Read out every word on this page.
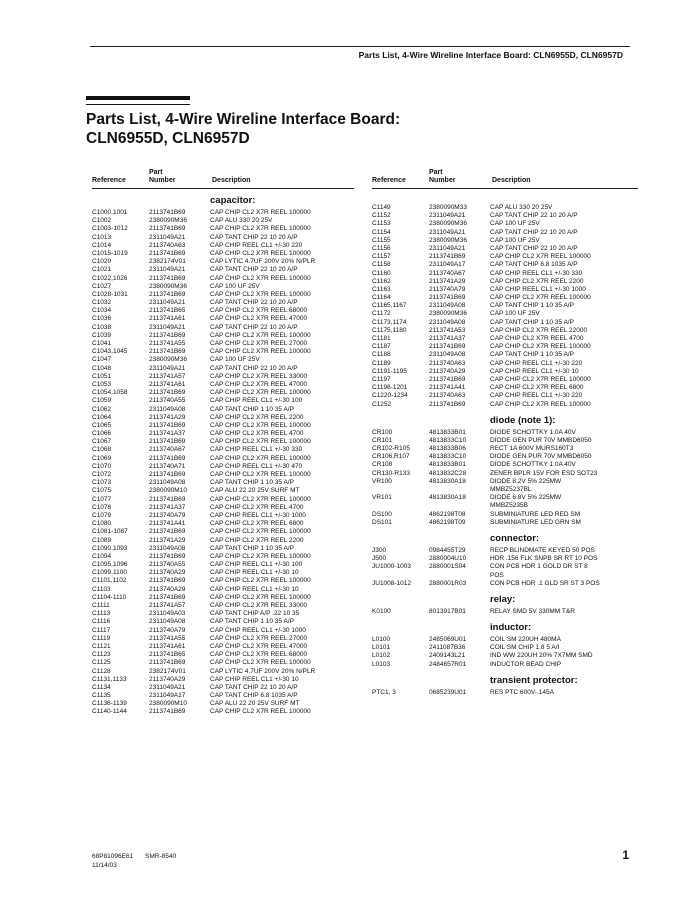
Parts List, 4-Wire Wireline Interface Board: CLN6955D, CLN6957D
Parts List, 4-Wire Wireline Interface Board:
CLN6955D, CLN6957D
Reference
Part
Number	Description
capacitor:
C1000,1001	2113741B69	CAP CHIP CL2 X7R REEL 100000
C1002	2380090M36	CAP ALU 330 20 25V
C1003-1012	2113741B69	CAP CHIP CL2 X7R REEL 100000
C1013	2311049A21	CAP TANT CHIP 22 10 20 A/P
C1014	2113740A63	CAP CHIP REEL CL1 +/-30 220
C1015-1019	2113741B69	CAP CHIP CL2 X7R REEL 100000
C1020	2382174V01	CAP LYTIC 4.7UF 200V 20% N/PLR
C1021	2311049A21	CAP TANT CHIP 22 10 20 A/P
C1022,1026	2113741B69	CAP CHIP CL2 X7R REEL 100000
C1027	2380090M36	CAP 100 UF 25V
C1028-1031	2113741B69	CAP CHIP CL2 X7R REEL 100000
C1032	2311049A21	CAP TANT CHIP 22 10 20 A/P
C1034	2113741B65	CAP CHIP CL2 X7R REEL 68000
C1036	2113741A61	CAP CHIP CL2 X7R REEL 47000
C1038	2311049A21	CAP TANT CHIP 22 10 20 A/P
C1039	2113741B69	CAP CHIP CL2 X7R REEL 100000
C1041	2113741A55	CAP CHIP CL2 X7R REEL 27000
C1043,1045	2113741B69	CAP CHIP CL2 X7R REEL 100000
C1047	2380090M36	CAP 100 UF 25V
C1048	2311049A21	CAP TANT CHIP 22 10 20 A/P
C1051	2113741A57	CAP CHIP CL2 X7R REEL 33000
C1053	2113741A61	CAP CHIP CL2 X7R REEL 47000
C1054,1058	2113741B69	CAP CHIP CL2 X7R REEL 100000
C1059	2113740A55	CAP CHIP REEL CL1 +/-30 100
C1062	2311049A08	CAP TANT CHIP 1 10 35 A/P
C1064	2113741A29	CAP CHIP CL2 X7R REEL 2200
C1065	2113741B69	CAP CHIP CL2 X7R REEL 100000
C1066	2113741A37	CAP CHIP CL2 X7R REEL 4700
C1067	2113741B69	CAP CHIP CL2 X7R REEL 100000
C1068	2113740A67	CAP CHIP REEL CL1 +/-30 330
C1069	2113741B69	CAP CHIP CL2 X7R REEL 100000
C1070	2113740A71	CAP CHIP REEL CL1 +/-30 470
C1072	2113741B69	CAP CHIP CL2 X7R REEL 100000
C1073	2311049A08	CAP TANT CHIP 1 10 35 A/P
C1075	2380090M10	CAP ALU 22 20 25V SURF MT
C1077	2113741B69	CAP CHIP CL2 X7R REEL 100000
C1078	2113741A37	CAP CHIP CL2 X7R REEL 4700
C1079	2113740A79	CAP CHIP REEL CL1 +/-30 1000
C1080	2113741A41	CAP CHIP CL2 X7R REEL 6800
C1081-1087	2113741B69	CAP CHIP CL2 X7R REEL 100000
C1089	2113741A29	CAP CHIP CL2 X7R REEL 2200
C1090,1093	2311049A08	CAP TANT CHIP 1 10 35 A/P
C1094	2113741B69	CAP CHIP CL2 X7R REEL 100000
C1095,1096	2113740A55	CAP CHIP REEL CL1 +/-30 100
C1099,1100	2113740A29	CAP CHIP REEL CL1 +/-30 10
C1101,1102	2113741B69	CAP CHIP CL2 X7R REEL 100000
C1103	2113740A29	CAP CHIP REEL CL1 +/-30 10
C1104-1110	2113741B69	CAP CHIP CL2 X7R REEL 100000
C1111	2113741A57	CAP CHIP CL2 X7R REEL 33000
C1113	2311049A03	CAP TANT CHIP A/P .22 10 35
C1116	2311049A08	CAP TANT CHIP 1 10 35 A/P
C1117	2113740A79	CAP CHIP REEL CL1 +/-30 1000
C1119	2113741A55	CAP CHIP CL2 X7R REEL 27000
C1121	2113741A61	CAP CHIP CL2 X7R REEL 47000
C1123	2113741B65	CAP CHIP CL2 X7R REEL 68000
C1125	2113741B69	CAP CHIP CL2 X7R REEL 100000
C1128	2382174V01	CAP LYTIC 4.7UF 200V 20% N/PLR
C1131,1133	2113740A29	CAP CHIP REEL CL1 +/-30 10
C1134	2311049A21	CAP TANT CHIP 22 10 20 A/P
C1135	2311049A17	CAP TANT CHIP 6.8 1035 A/P
C1136-1139	2380090M10	CAP ALU 22 20 25V SURF MT
C1140-1144	2113741B69	CAP CHIP CL2 X7R REEL 100000
Reference
Part
Number	Description
C1149	2380090M33	CAP ALU 330 20 25V
C1152	2311049A21	CAP TANT CHIP 22 10 20 A/P
C1153	2380090M36	CAP 100 UF 25V
C1154	2311049A21	CAP TANT CHIP 22 10 20 A/P
C1155	2380090M36	CAP 100 UF 25V
C1156	2311049A21	CAP TANT CHIP 22 10 20 A/P
C1157	2113741B69	CAP CHIP CL2 X7R REEL 100000
C1158	2311049A17	CAP TANT CHIP 6.8 1035 A/P
C1160	2113740A67	CAP CHIP REEL CL1 +/-30 330
C1162	2113741A29	CAP CHIP CL2 X7R REEL 2200
C1163	2113740A79	CAP CHIP REEL CL1 +/-30 1000
C1164	2113741B69	CAP CHIP CL2 X7R REEL 100000
C1165,1167	2311049A08	CAP TANT CHIP 1 10 35 A/P
C1172	2380090M36	CAP 100 UF 25V
C1173,1174	2311049A08	CAP TANT CHIP 1 10 35 A/P
C1175,1180	2113741A53	CAP CHIP CL2 X7R REEL 22000
C1181	2113741A37	CAP CHIP CL2 X7R REEL 4700
C1187	2113741B69	CAP CHIP CL2 X7R REEL 100000
C1188	2311049A08	CAP TANT CHIP 1 10 35 A/P
C1189	2113740A63	CAP CHIP REEL CL1 +/-30 220
C1191-1195	2113740A29	CAP CHIP REEL CL1 +/-30 10
C1197	2113741B69	CAP CHIP CL2 X7R REEL 100000
C1198-1201	2113741A41	CAP CHIP CL2 X7R REEL 6800
C1220-1234	2113740A63	CAP CHIP REEL CL1 +/-30 220
C1252	2113741B69	CAP CHIP CL2 X7R REEL 100000
diode (note 1):
CR100	4813833B01	DIODE SCHOTTKY 1.0A 40V
CR101	4813833C10	DIODE GEN PUR 70V MMBD6050
CR102-R105	4813833B06	RECT 1A 600V MURS160T3
CR106,R107	4813833C10	DIODE GEN PUR 70V MMBD6050
CR108	4813833B01	DIODE SCHOTTKY 1.0A 40V
CR130-R133	4813832C28	ZENER BPLR 15V FOR ESD SOT23
VR100	4813830A18	DIODE 8.2V 5% 225MW
MMBZ5237BL
VR101	4813830A18	DIODE 6.8V 5% 225MW
MMBZ5235B
DS100	4862198T08	SUBMINIATURE LED RED SM
DS101	4862198T09	SUBMINIATURE LED GRN SM
connector:
J300	0984455T29	RECP BLINDMATE KEYED 50 POS
J500	2880004U10	HDR .156 FLK SNPB SR RT 10 POS
JU1000-1003	2880001S04	CON PCB HDR 1 GOLD DR ST 8
POS
JU1008-1012	2880001R03	CON PCB HDR .1 GLD SR ST 3 POS
relay:
K0100	8013917B01	RELAY SMD 5V 330MM T&R
inductor:
L0100	2485069U01	COIL SM 220UH 480MA
L0101	2411087B36	COIL SM CHIP 1.8 5 A/I
L0102	2409143L21	IND WW 220UH 20% 7X7MM SMD
L0103	2484657R01	INDUCTOR BEAD CHIP
transient protector:
PTC1, 3	0685239U01	RES PTC 600V-.145A
68P81096E61 SMR-8540
11/14/03
1
